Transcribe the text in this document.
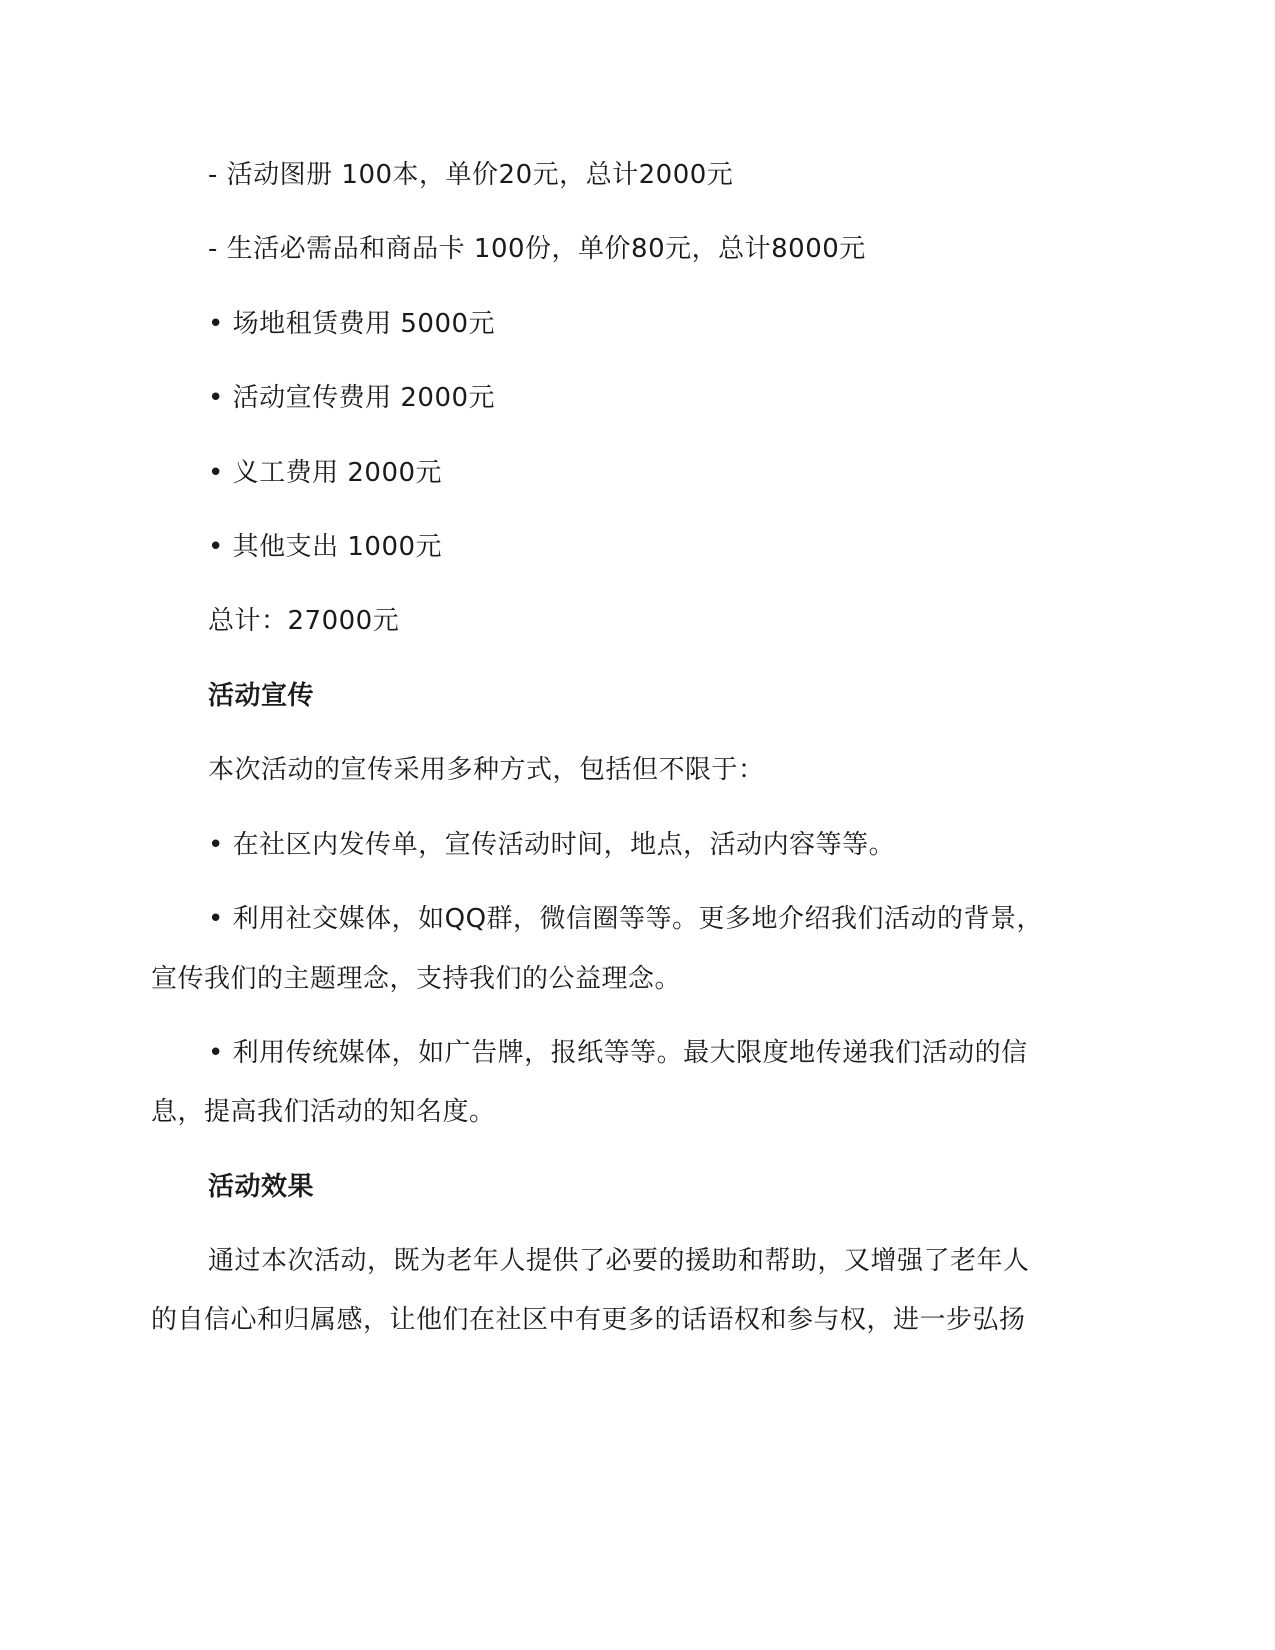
- 活动图册 100本，单价20元，总计2000元
- 生活必需品和商品卡 100份，单价80元，总计8000元
• 场地租赁费用 5000元
• 活动宣传费用 2000元
• 义工费用 2000元
• 其他支出 1000元
总计：27000元
活动宣传
本次活动的宣传采用多种方式，包括但不限于：
• 在社区内发传单，宣传活动时间，地点，活动内容等等。
• 利用社交媒体，如QQ群，微信圈等等。更多地介绍我们活动的背景，
宣传我们的主题理念，支持我们的公益理念。
• 利用传统媒体，如广告牌，报纸等等。最大限度地传递我们活动的信
息，提高我们活动的知名度。
活动效果
通过本次活动，既为老年人提供了必要的援助和帮助，又增强了老年人
的自信心和归属感，让他们在社区中有更多的话语权和参与权，进一步弘扬
